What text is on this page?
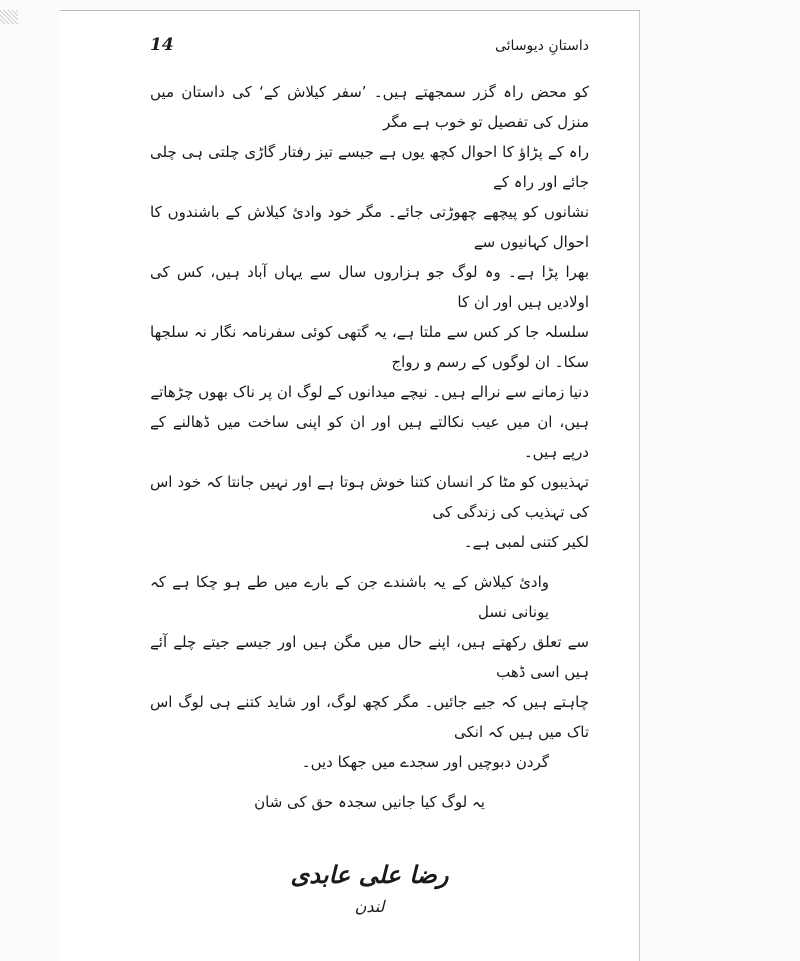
14	داستانِ دیوسائی
کو محض راہ گزر سمجھتے ہیں۔ ’سفر کیلاش کے‘ کی داستان میں منزل کی تفصیل تو خوب ہے مگر
راہ کے پڑاؤ کا احوال کچھ یوں ہے جیسے تیز رفتار گاڑی چلتی ہی چلی جائے اور راہ کے
نشانوں کو پیچھے چھوڑتی جائے۔ مگر خود وادیٔ کیلاش کے باشندوں کا احوال کہانیوں سے
بھرا پڑا ہے۔ وہ لوگ جو ہزاروں سال سے یہاں آباد ہیں، کس کی اولادیں ہیں اور ان کا
سلسلہ جا کر کس سے ملتا ہے، یہ گتھی کوئی سفرنامہ نگار نہ سلجھا سکا۔ ان لوگوں کے رسم و رواج
دنیا زمانے سے نرالے ہیں۔ نیچے میدانوں کے لوگ ان پر ناک بھوں چڑھاتے
ہیں، ان میں عیب نکالتے ہیں اور ان کو اپنی ساخت میں ڈھالنے کے درپے ہیں۔
تہذیبوں کو مٹا کر انسان کتنا خوش ہوتا ہے اور نہیں جانتا کہ خود اس کی تہذیب کی زندگی کی
لکیر کتنی لمبی ہے۔
وادیٔ کیلاش کے یہ باشندے جن کے بارے میں طے ہو چکا ہے کہ یونانی نسل
سے تعلق رکھتے ہیں، اپنے حال میں مگن ہیں اور جیسے جیتے چلے آئے ہیں اسی ڈھب
چاہتے ہیں کہ جیے جائیں۔ مگر کچھ لوگ، اور شاید کتنے ہی لوگ اس تاک میں ہیں کہ انکی
گردن دبوچیں اور سجدے میں جھکا دیں۔
یہ لوگ کیا جانیں سجدہ حق کی شان
رضا علی عابدی
لندن
